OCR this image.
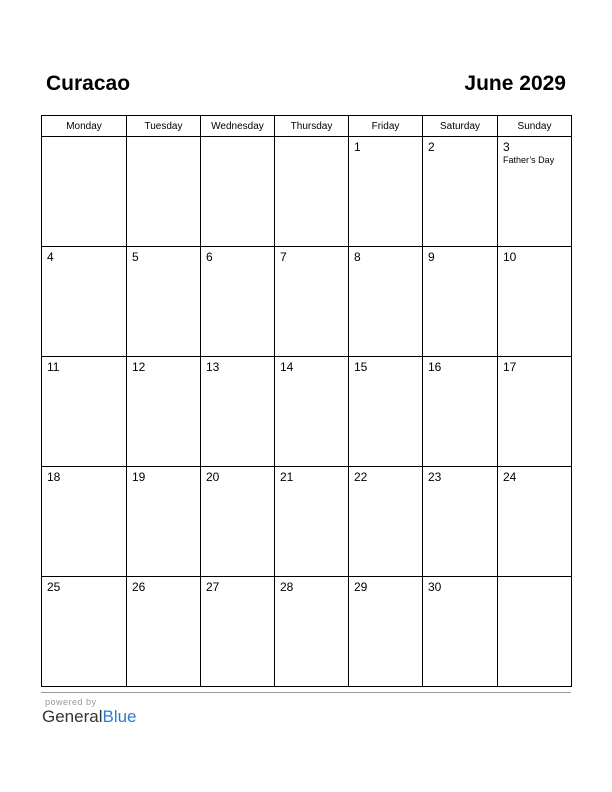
Curacao	June 2029
Monday	Tuesday	Wednesday	Thursday	Friday	Saturday	Sunday

				1	2	3
Father’s Day

4	5	6	7	8	9	10

11	12	13	14	15	16	17

18	19	20	21	22	23	24

25	26	27	28	29	30	

powered by
GeneralBlue
